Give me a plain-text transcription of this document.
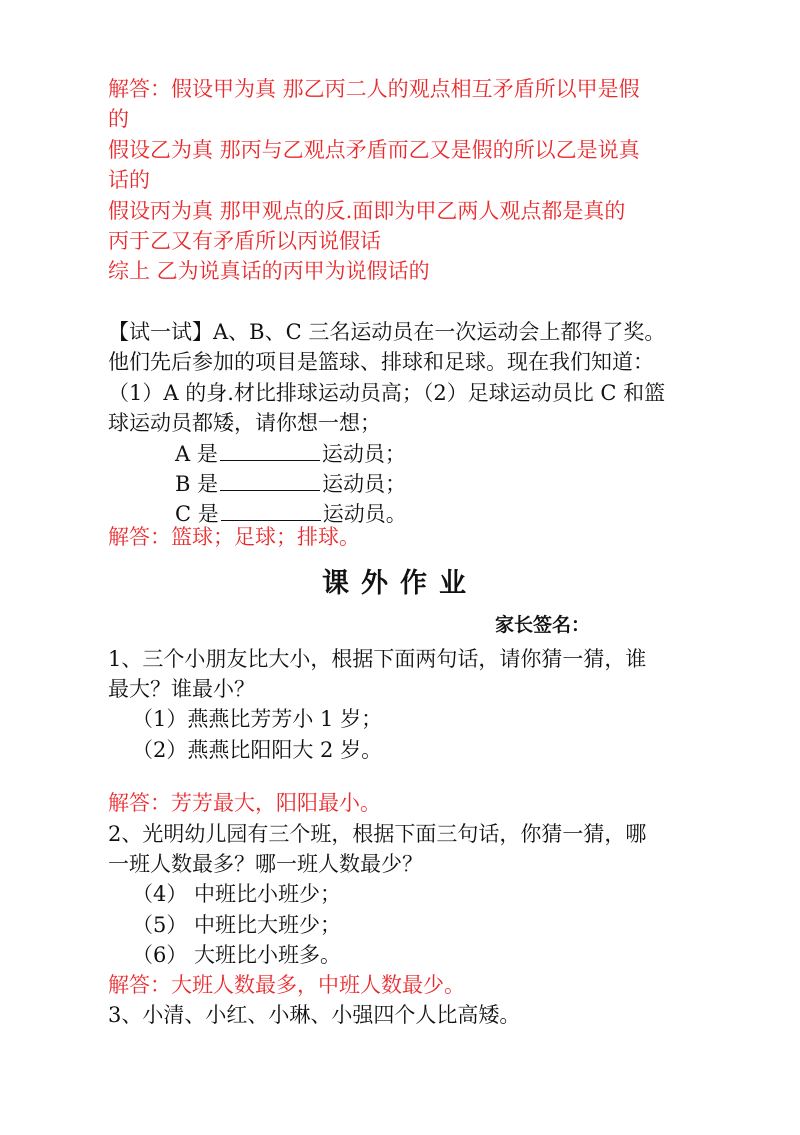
解答：假设甲为真 那乙丙二人的观点相互矛盾所以甲是假

的

假设乙为真 那丙与乙观点矛盾而乙又是假的所以乙是说真

话的

假设丙为真 那甲观点的反.面即为甲乙两人观点都是真的

丙于乙又有矛盾所以丙说假话

综上 乙为说真话的丙甲为说假话的

【试一试】A、B、C 三名运动员在一次运动会上都得了奖。

他们先后参加的项目是篮球、排球和足球。现在我们知道：

（1）A 的身.材比排球运动员高；（2）足球运动员比 C 和篮

球运动员都矮，请你想一想；

A 是	运动员；
B 是	运动员；
C 是	运动员。

解答：篮球；足球；排球。

课外作业

家长签名：

1、三个小朋友比大小，根据下面两句话，请你猜一猜，谁

最大？谁最小？

（1）燕燕比芳芳小 1 岁；

（2）燕燕比阳阳大 2 岁。

解答：芳芳最大，阳阳最小。

2、光明幼儿园有三个班，根据下面三句话，你猜一猜，哪

一班人数最多？哪一班人数最少？

（4） 中班比小班少；

（5） 中班比大班少；

（6） 大班比小班多。

解答：大班人数最多，中班人数最少。

3、小清、小红、小琳、小强四个人比高矮。
